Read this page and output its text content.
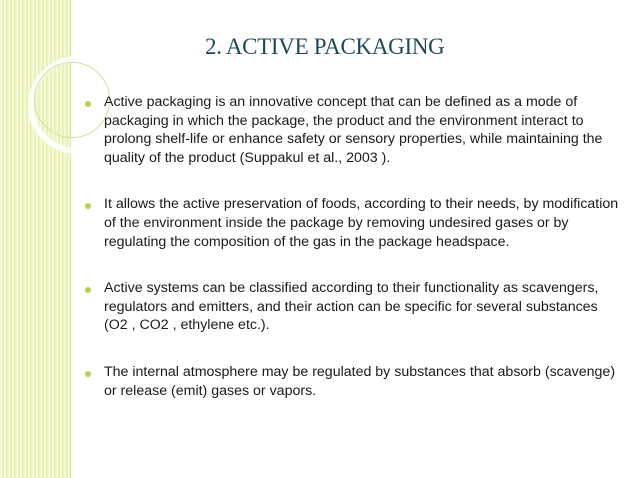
2. ACTIVE PACKAGING

Active packaging is an innovative concept that can be defined as a mode of packaging in which the package, the product and the environment interact to prolong shelf-life or enhance safety or sensory properties, while maintaining the quality of the product (Suppakul et al., 2003 ).

It allows the active preservation of foods, according to their needs, by modification of the environment inside the package by removing undesired gases or by regulating the composition of the gas in the package headspace.

Active systems can be classified according to their functionality as scavengers, regulators and emitters, and their action can be specific for several substances (O2 , CO2 , ethylene etc.).

The internal atmosphere may be regulated by substances that absorb (scavenge) or release (emit) gases or vapors.
